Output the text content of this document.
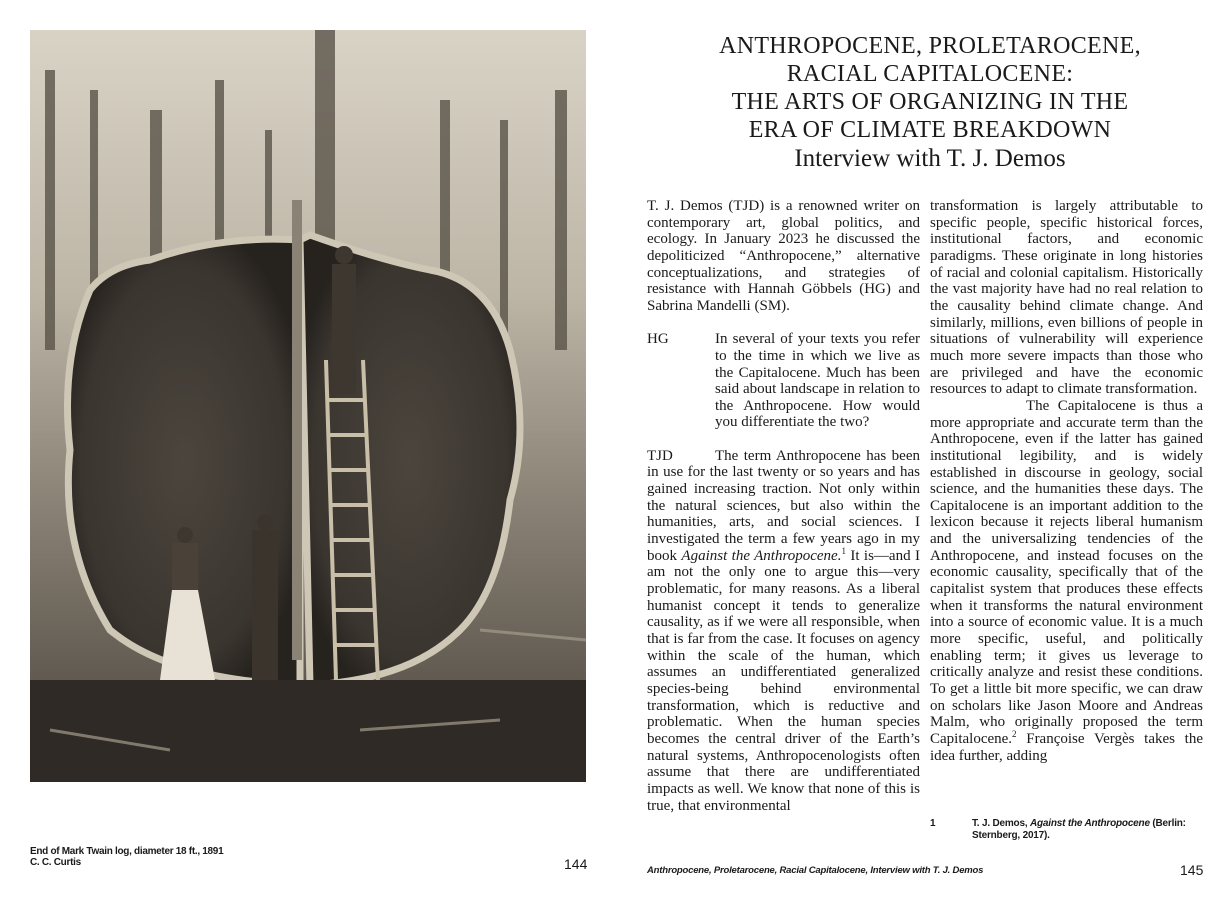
End of Mark Twain log, diameter 18 ft., 1891
C. C. Curtis	144
ANTHROPOCENE, PROLETAROCENE,
RACIAL CAPITALOCENE:
THE ARTS OF ORGANIZING IN THE
ERA OF CLIMATE BREAKDOWN
Interview with T. J. Demos

T. J. Demos (TJD) is a renowned writer on contemporary art, global politics, and ecology. In January 2023 he discussed the depoliticized “Anthropocene,” alternative conceptualizations, and strategies of resistance with Hannah Göbbels (HG) and Sabrina Mandelli (SM).

HG	In several of your texts you refer to the time in which we live as the Capitalocene. Much has been said about landscape in relation to the Anthropocene. How would you differentiate the two?

TJD	The term Anthropocene has been in use for the last twenty or so years and has gained increasing traction. Not only within the natural sciences, but also within the humanities, arts, and social sciences. I investigated the term a few years ago in my book Against the Anthropocene.$^1$ It is—and I am not the only one to argue this—very problematic, for many reasons. As a liberal humanist concept it tends to generalize causality, as if we were all responsible, when that is far from the case. It focuses on agency within the scale of the human, which assumes an undifferentiated generalized species-being behind environmental transformation, which is reductive and problematic. When the human species becomes the central driver of the Earth’s natural systems, Anthropocenologists often assume that there are undifferentiated impacts as well. We know that none of this is true, that environmental

transformation is largely attributable to specific people, specific historical forces, institutional factors, and economic paradigms. These originate in long histories of racial and colonial capitalism. Historically the vast majority have had no real relation to the causality behind climate change. And similarly, millions, even billions of people in situations of vulnerability will experience much more severe impacts than those who are privileged and have the economic resources to adapt to climate transformation.

The Capitalocene is thus a more appropriate and accurate term than the Anthropocene, even if the latter has gained institutional legibility, and is widely established in discourse in geology, social science, and the humanities these days. The Capitalocene is an important addition to the lexicon because it rejects liberal humanism and the universalizing tendencies of the Anthropocene, and instead focuses on the economic causality, specifically that of the capitalist system that produces these effects when it transforms the natural environment into a source of economic value. It is a much more specific, useful, and politically enabling term; it gives us leverage to critically analyze and resist these conditions. To get a little bit more specific, we can draw on scholars like Jason Moore and Andreas Malm, who originally proposed the term Capitalocene.$^2$ Françoise Vergès takes the idea further, adding

1	T. J. Demos, Against the Anthropocene (Berlin: Sternberg, 2017).
Anthropocene, Proletarocene, Racial Capitalocene, Interview with T. J. Demos	145
